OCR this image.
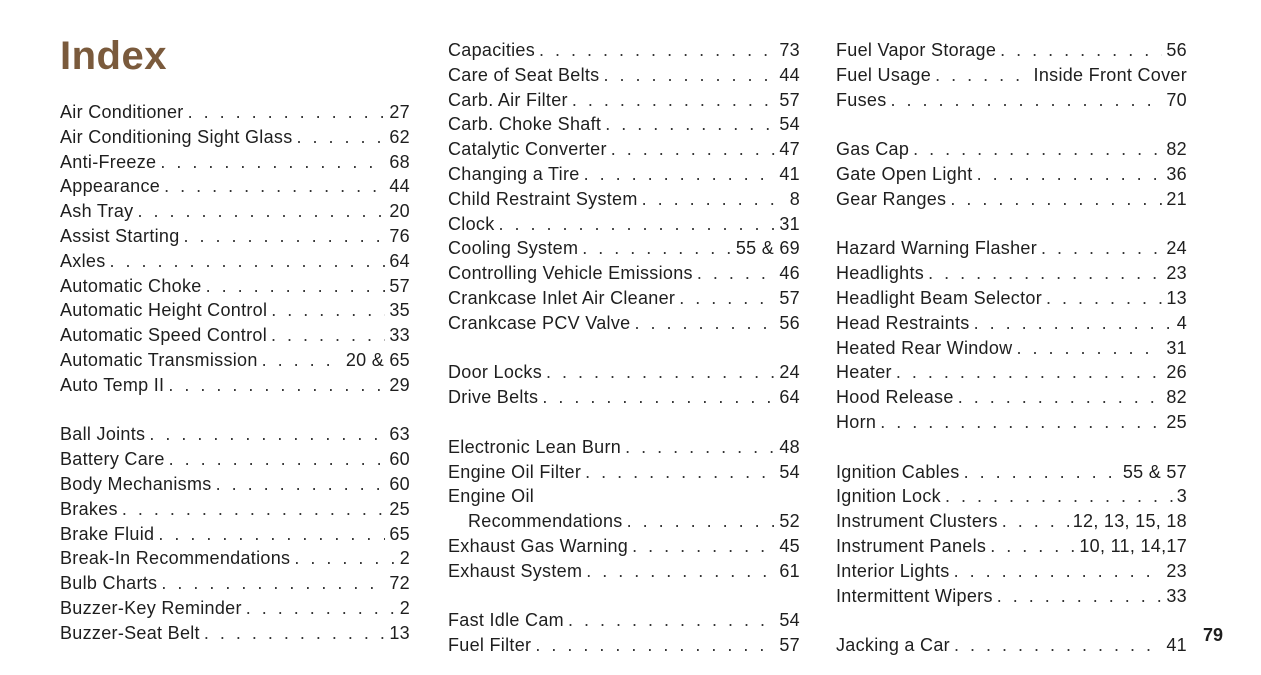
Index
Air Conditioner . . .	27
Air Conditioning Sight Glass . . .	62
Anti-Freeze . . .	68
Appearance . . .	44
Ash Tray . . .	20
Assist Starting . . .	76
Axles . . .	64
Automatic Choke . . .	57
Automatic Height Control . . .	35
Automatic Speed Control . . .	33
Automatic Transmission . . .	20 & 65
Auto Temp II . . .	29
Ball Joints . . .	63
Battery Care . . .	60
Body Mechanisms . . .	60
Brakes . . .	25
Brake Fluid . . .	65
Break-In Recommendations . . .	2
Bulb Charts . . .	72
Buzzer-Key Reminder . . .	2
Buzzer-Seat Belt . . .	13
Capacities . . .	73
Care of Seat Belts . . .	44
Carb. Air Filter . . .	57
Carb. Choke Shaft . . .	54
Catalytic Converter . . .	47
Changing a Tire . . .	41
Child Restraint System . . .	8
Clock . . .	31
Cooling System . . .	55 & 69
Controlling Vehicle Emissions . . .	46
Crankcase Inlet Air Cleaner . . .	57
Crankcase PCV Valve . . .	56
Door Locks . . .	24
Drive Belts . . .	64
Electronic Lean Burn . . .	48
Engine Oil Filter . . .	54
Engine Oil
Recommendations . . .	52
Exhaust Gas Warning . . .	45
Exhaust System . . .	61
Fast Idle Cam . . .	54
Fuel Filter . . .	57
Fuel Vapor Storage . . .	56
Fuel Usage . . .	Inside Front Cover
Fuses . . .	70
Gas Cap . . .	82
Gate Open Light . . .	36
Gear Ranges . . .	21
Hazard Warning Flasher . . .	24
Headlights . . .	23
Headlight Beam Selector . . .	13
Head Restraints . . .	4
Heated Rear Window . . .	31
Heater . . .	26
Hood Release . . .	82
Horn . . .	25
Ignition Cables . . .	55 & 57
Ignition Lock . . .	3
Instrument Clusters . . .	12, 13, 15, 18
Instrument Panels . . .	10, 11, 14,17
Interior Lights . . .	23
Intermittent Wipers . . .	33
Jacking a Car . . .	41
79
